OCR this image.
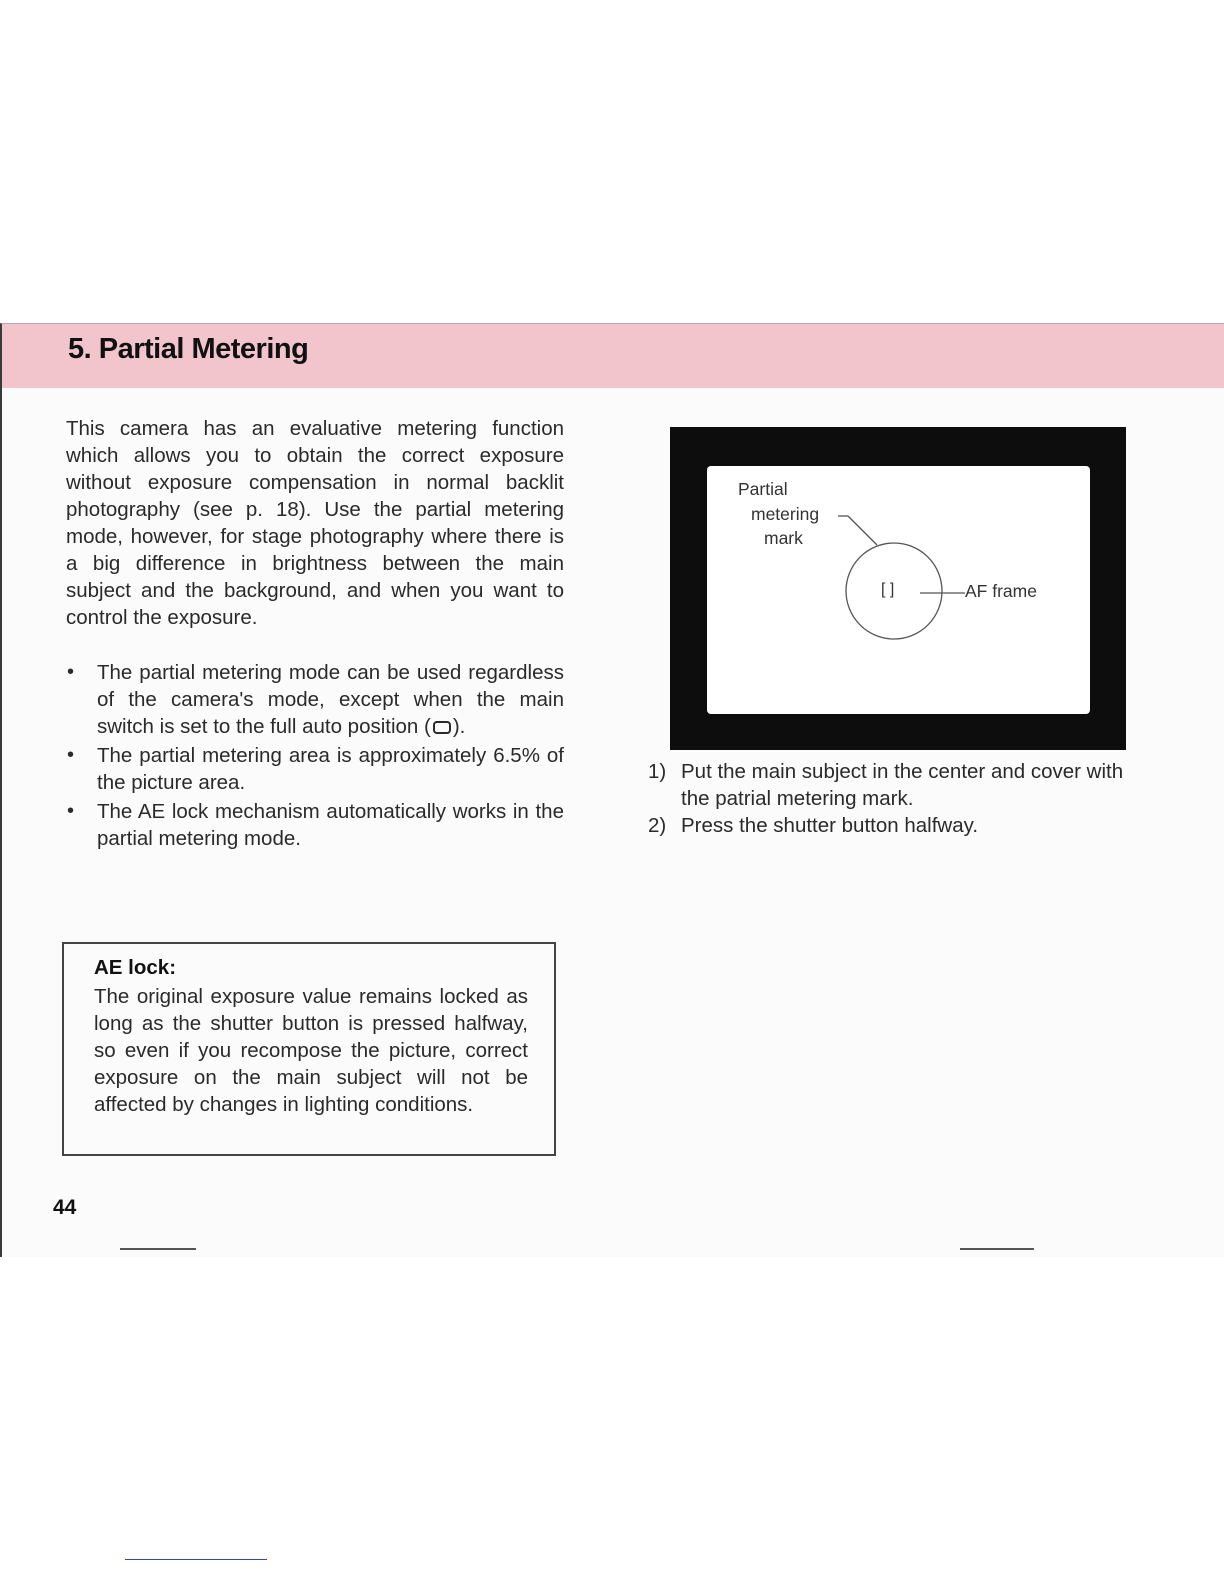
5. Partial Metering

This camera has an evaluative metering function which allows you to obtain the correct exposure without exposure compensation in normal backlit photography (see p. 18). Use the partial metering mode, however, for stage photography where there is a big difference in brightness between the main subject and the background, and when you want to control the exposure.

• The partial metering mode can be used regardless of the camera's mode, except when the main switch is set to the full auto position ( ).
• The partial metering area is approximately 6.5% of the picture area.
• The AE lock mechanism automatically works in the partial metering mode.
AE lock:

The original exposure value remains locked as long as the shutter button is pressed halfway, so even if you recompose the picture, correct exposure on the main subject will not be affected by changes in lighting conditions.

Partial
metering
mark
[ ]	AF frame
1) Put the main subject in the center and cover with the patrial metering mark.
2) Press the shutter button halfway.

44
